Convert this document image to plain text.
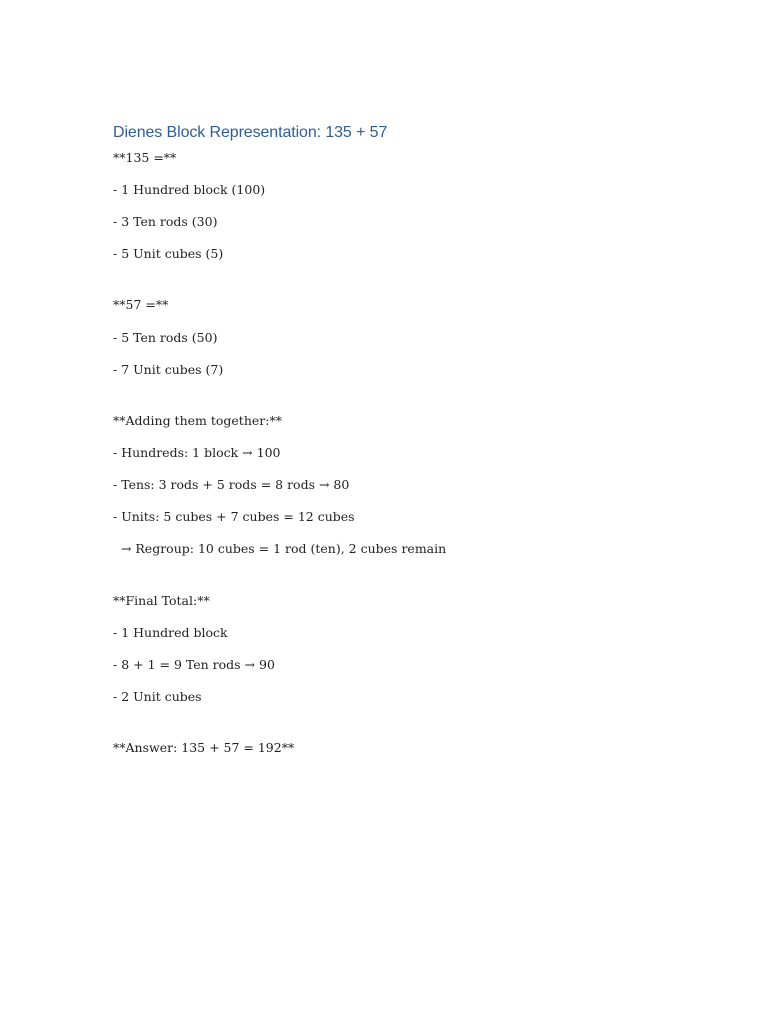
Dienes Block Representation: 135 + 57
**135 =**
- 1 Hundred block (100)
- 3 Ten rods (30)
- 5 Unit cubes (5)
**57 =**
- 5 Ten rods (50)
- 7 Unit cubes (7)
**Adding them together:**
- Hundreds: 1 block → 100
- Tens: 3 rods + 5 rods = 8 rods → 80
- Units: 5 cubes + 7 cubes = 12 cubes
→ Regroup: 10 cubes = 1 rod (ten), 2 cubes remain
**Final Total:**
- 1 Hundred block
- 8 + 1 = 9 Ten rods → 90
- 2 Unit cubes
**Answer: 135 + 57 = 192**
